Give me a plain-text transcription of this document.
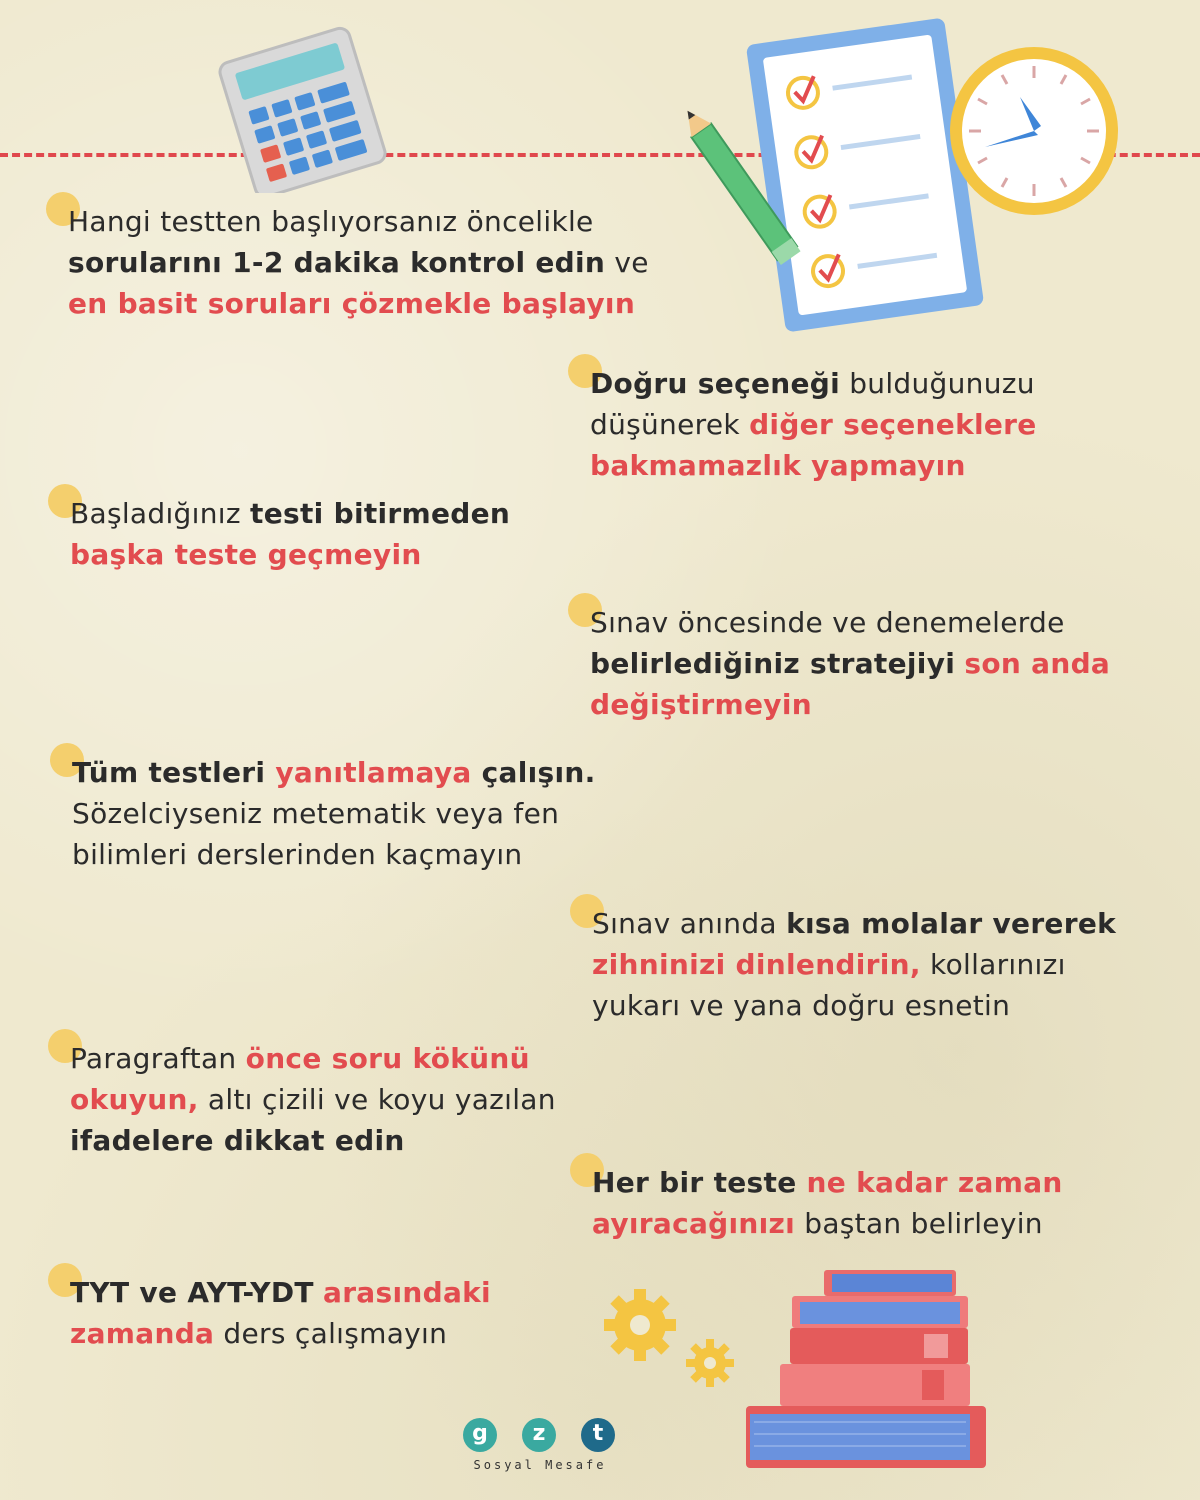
Hangi testten başlıyorsanız öncelikle
sorularını 1-2 dakika kontrol edin ve
en basit soruları çözmekle başlayın
Doğru seçeneği bulduğunuzu
düşünerek diğer seçeneklere
bakmamazlık yapmayın
Başladığınız testi bitirmeden
başka teste geçmeyin
Sınav öncesinde ve denemelerde
belirlediğiniz stratejiyi son anda
değiştirmeyin
Tüm testleri yanıtlamaya çalışın.
Sözelciyseniz metematik veya fen
bilimleri derslerinden kaçmayın
Sınav anında kısa molalar vererek
zihninizi dinlendirin, kollarınızı
yukarı ve yana doğru esnetin
Paragraftan önce soru kökünü
okuyun, altı çizili ve koyu yazılan
ifadelere dikkat edin
Her bir teste ne kadar zaman
ayıracağınızı baştan belirleyin
TYT ve AYT-YDT arasındaki
zamanda ders çalışmayın
g	z	t
Sosyal Mesafe
